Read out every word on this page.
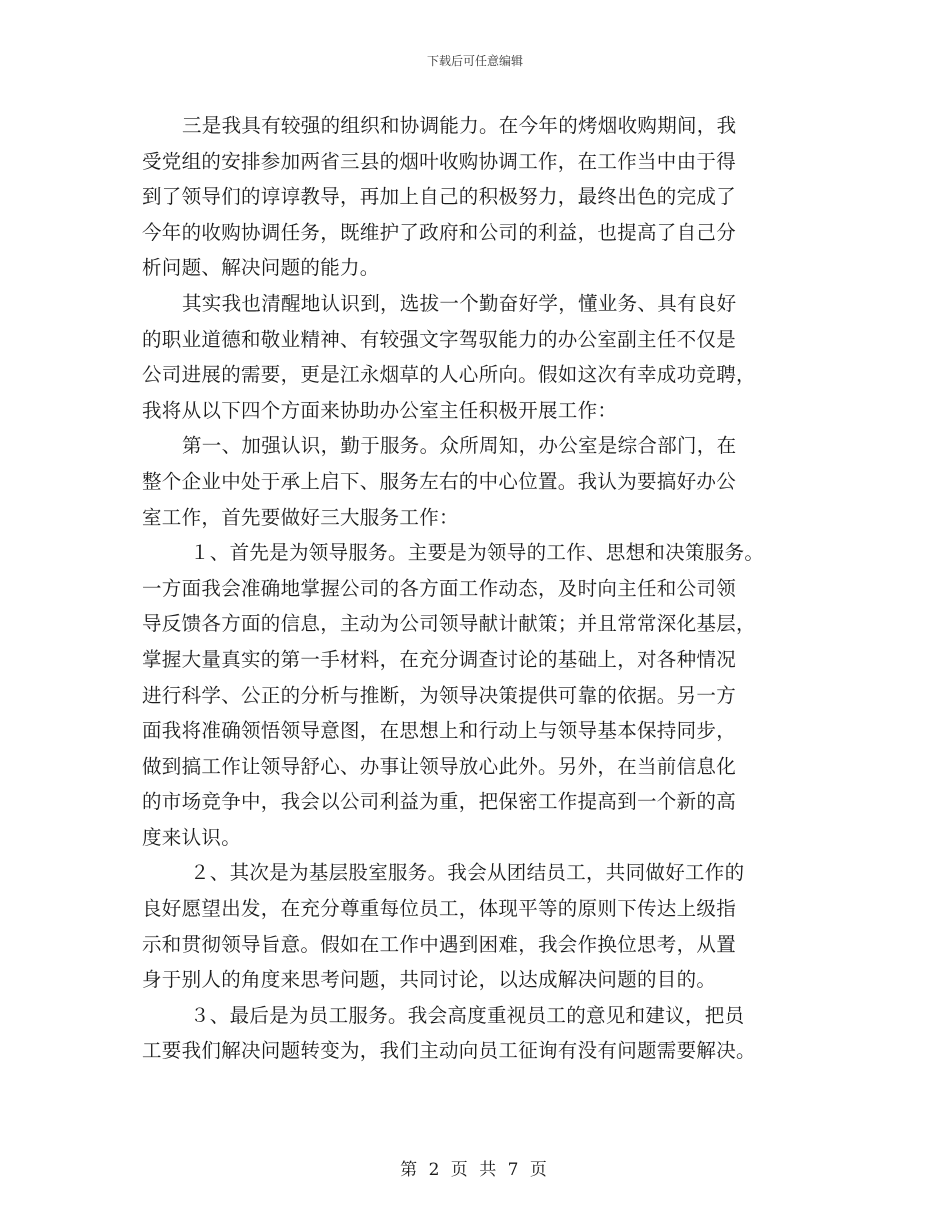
下载后可任意编辑
三是我具有较强的组织和协调能力。在今年的烤烟收购期间，我
受党组的安排参加两省三县的烟叶收购协调工作，在工作当中由于得
到了领导们的谆谆教导，再加上自己的积极努力，最终出色的完成了
今年的收购协调任务，既维护了政府和公司的利益，也提高了自己分
析问题、解决问题的能力。
其实我也清醒地认识到，选拔一个勤奋好学，懂业务、具有良好
的职业道德和敬业精神、有较强文字驾驭能力的办公室副主任不仅是
公司进展的需要，更是江永烟草的人心所向。假如这次有幸成功竞聘，
我将从以下四个方面来协助办公室主任积极开展工作：
第一、加强认识，勤于服务。众所周知，办公室是综合部门，在
整个企业中处于承上启下、服务左右的中心位置。我认为要搞好办公
室工作，首先要做好三大服务工作：
１、首先是为领导服务。主要是为领导的工作、思想和决策服务。
一方面我会准确地掌握公司的各方面工作动态，及时向主任和公司领
导反馈各方面的信息，主动为公司领导献计献策；并且常常深化基层，
掌握大量真实的第一手材料，在充分调查讨论的基础上，对各种情况
进行科学、公正的分析与推断，为领导决策提供可靠的依据。另一方
面我将准确领悟领导意图，在思想上和行动上与领导基本保持同步，
做到搞工作让领导舒心、办事让领导放心此外。另外，在当前信息化
的市场竞争中，我会以公司利益为重，把保密工作提高到一个新的高
度来认识。
２、其次是为基层股室服务。我会从团结员工，共同做好工作的
良好愿望出发，在充分尊重每位员工，体现平等的原则下传达上级指
示和贯彻领导旨意。假如在工作中遇到困难，我会作换位思考，从置
身于别人的角度来思考问题，共同讨论，以达成解决问题的目的。
３、最后是为员工服务。我会高度重视员工的意见和建议，把员
工要我们解决问题转变为，我们主动向员工征询有没有问题需要解决。
第 2 页 共 7 页
